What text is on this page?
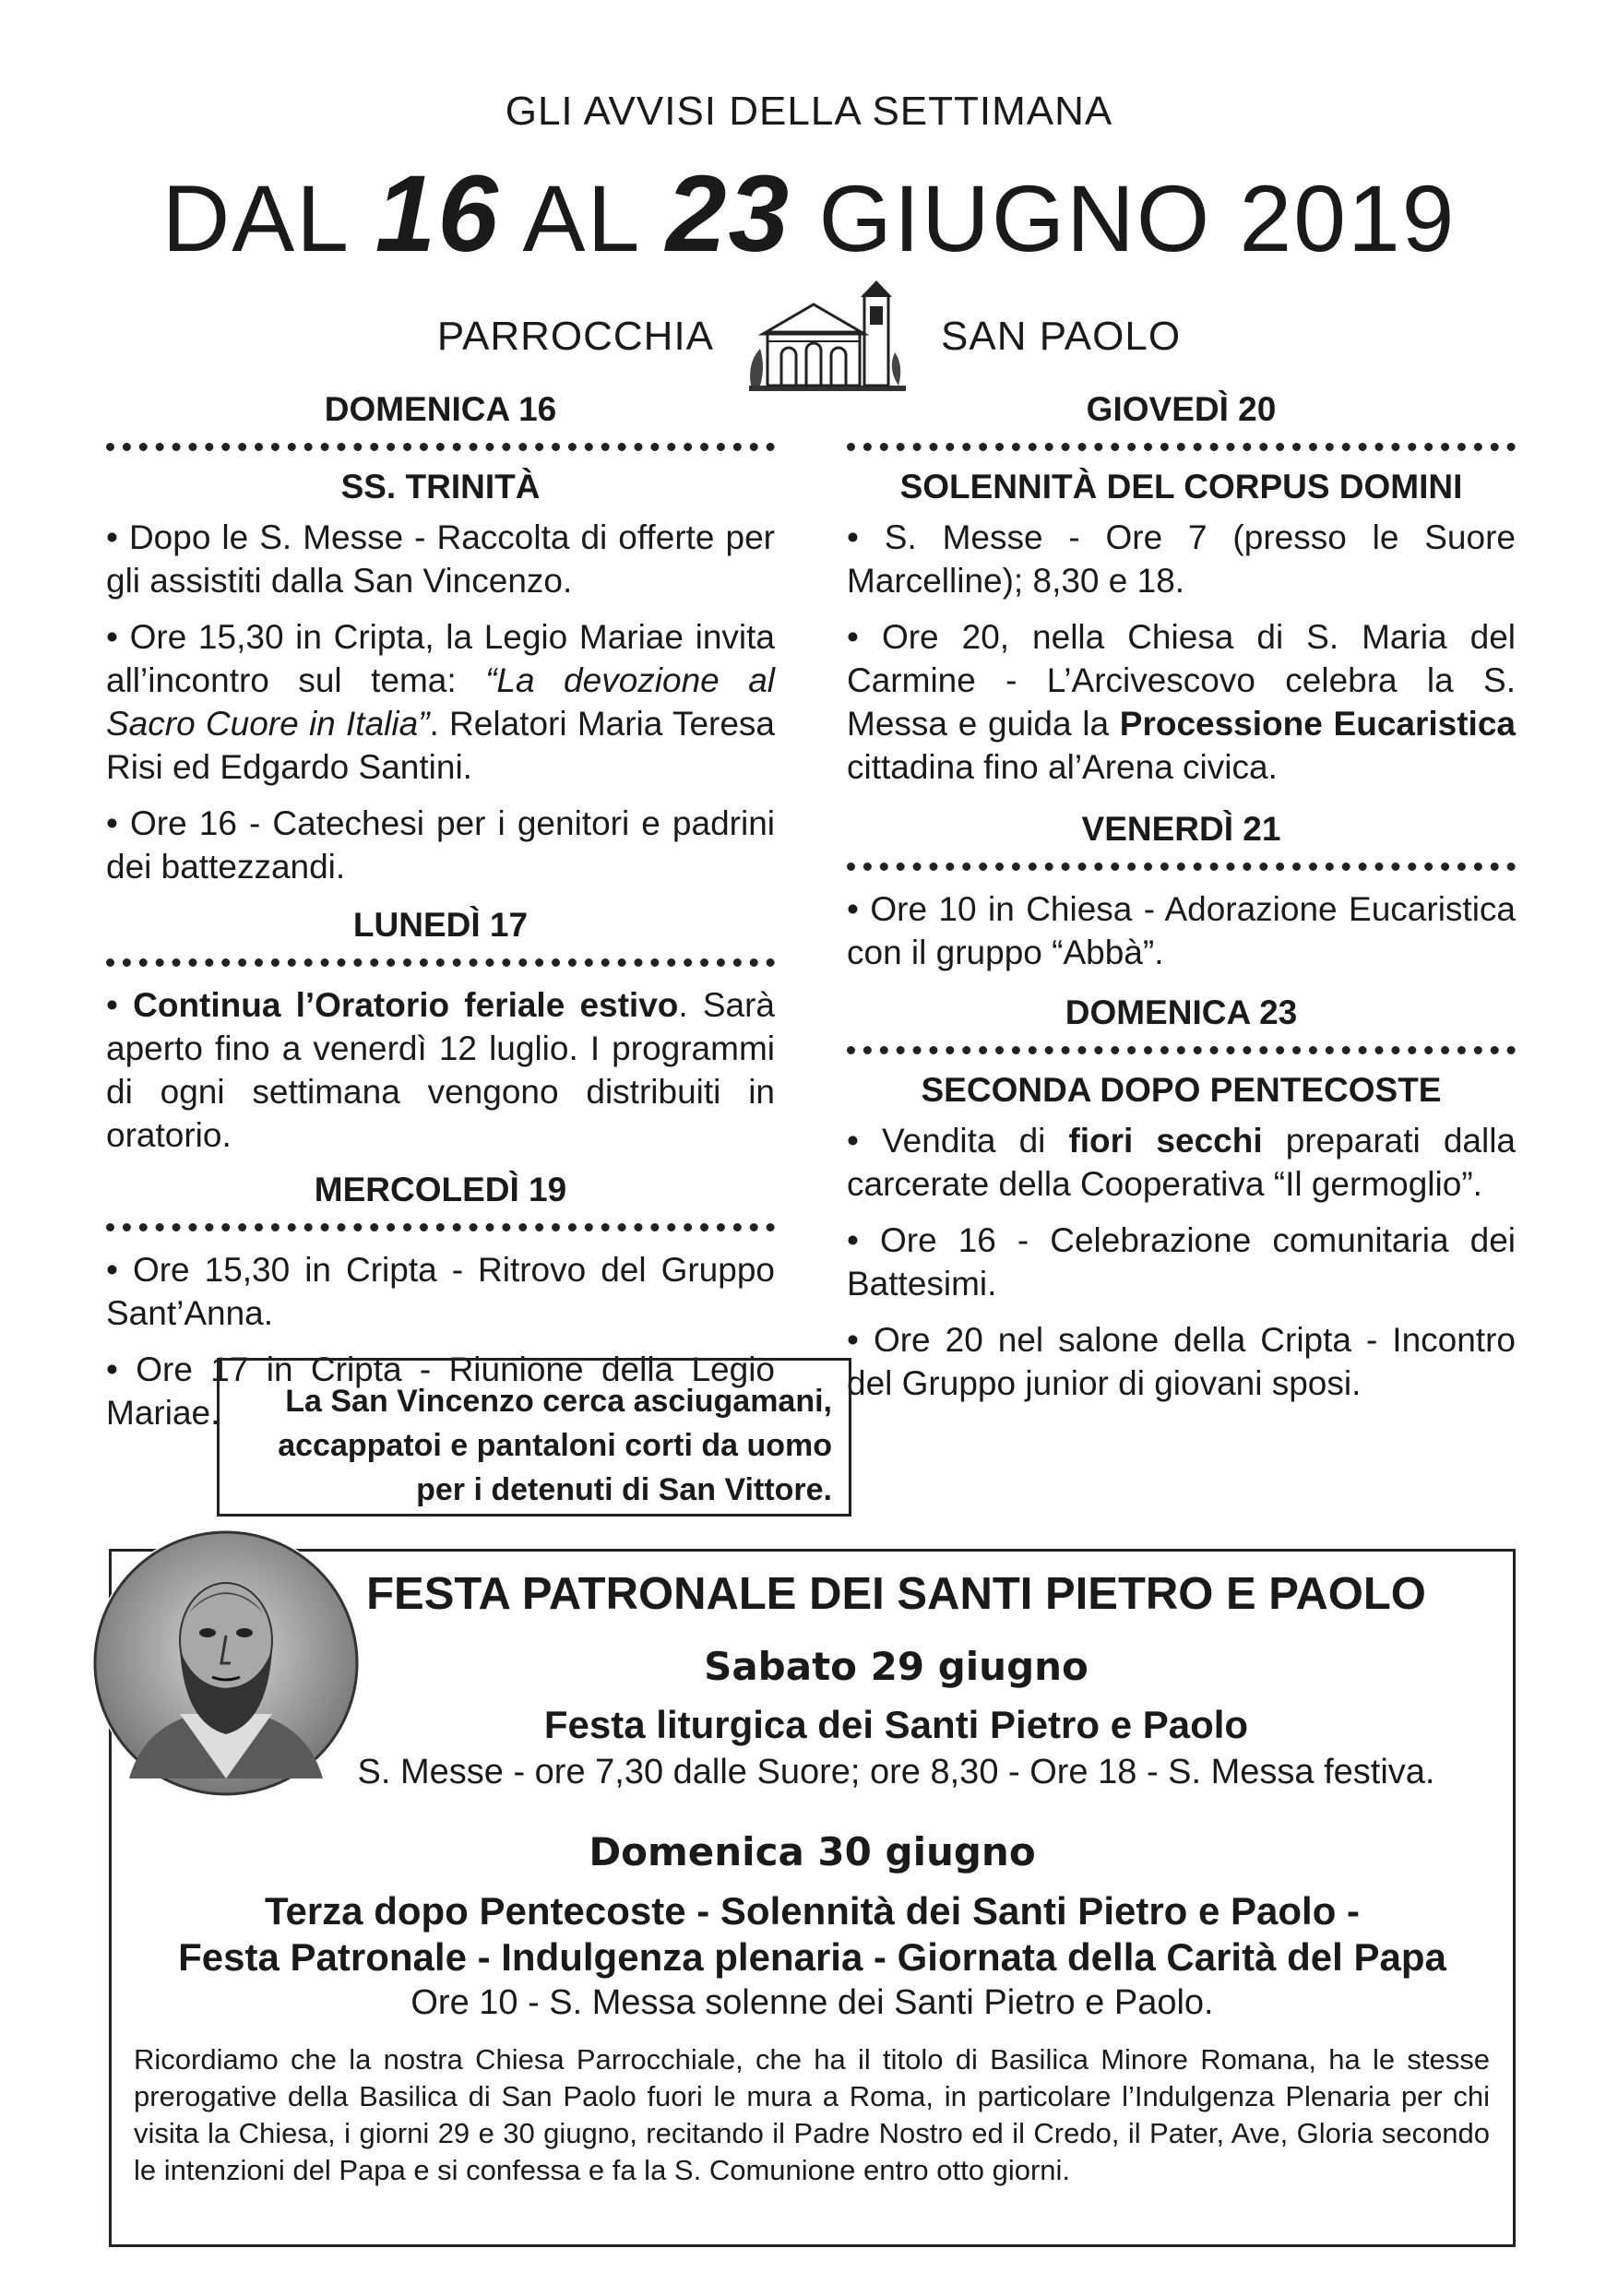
GLI AVVISI DELLA SETTIMANA
DAL 16 AL 23 GIUGNO 2019
PARROCCHIA	SAN PAOLO
DOMENICA 16
SS. TRINITÀ
• Dopo le S. Messe - Raccolta di offerte per gli assistiti dalla San Vincenzo.
• Ore 15,30 in Cripta, la Legio Mariae invita all’incontro sul tema: “La devozione al Sacro Cuore in Italia”. Relatori Maria Teresa Risi ed Edgardo Santini.
• Ore 16 - Catechesi per i genitori e padrini dei battezzandi.
LUNEDÌ 17
• Continua l’Oratorio feriale estivo. Sarà aperto fino a venerdì 12 luglio. I programmi di ogni settimana vengono distribuiti in oratorio.
MERCOLEDÌ 19
• Ore 15,30 in Cripta - Ritrovo del Gruppo Sant’Anna.
• Ore 17 in Cripta - Riunione della Legio Mariae.
GIOVEDÌ 20
SOLENNITÀ DEL CORPUS DOMINI
• S. Messe - Ore 7 (presso le Suore Marcelline); 8,30 e 18.
• Ore 20, nella Chiesa di S. Maria del Carmine - L’Arcivescovo celebra la S. Messa e guida la Processione Eucaristica cittadina fino al’Arena civica.
VENERDÌ 21
• Ore 10 in Chiesa - Adorazione Eucaristica con il gruppo “Abbà”.
DOMENICA 23
SECONDA DOPO PENTECOSTE
• Vendita di fiori secchi preparati dalla carcerate della Cooperativa “Il germoglio”.
• Ore 16 - Celebrazione comunitaria dei Battesimi.
• Ore 20 nel salone della Cripta - Incontro del Gruppo junior di giovani sposi.
La San Vincenzo cerca asciugamani,
accappatoi e pantaloni corti da uomo
per i detenuti di San Vittore.
FESTA PATRONALE DEI SANTI PIETRO E PAOLO
Sabato 29 giugno
Festa liturgica dei Santi Pietro e Paolo
S. Messe - ore 7,30 dalle Suore; ore 8,30 - Ore 18 - S. Messa festiva.
Domenica 30 giugno
Terza dopo Pentecoste - Solennità dei Santi Pietro e Paolo -
Festa Patronale - Indulgenza plenaria - Giornata della Carità del Papa
Ore 10 - S. Messa solenne dei Santi Pietro e Paolo.
Ricordiamo che la nostra Chiesa Parrocchiale, che ha il titolo di Basilica Minore Romana, ha le stesse prerogative della Basilica di San Paolo fuori le mura a Roma, in particolare l’Indulgenza Plenaria per chi visita la Chiesa, i giorni 29 e 30 giugno, recitando il Padre Nostro ed il Credo, il Pater, Ave, Gloria secondo le intenzioni del Papa e si confessa e fa la S. Comunione entro otto giorni.
